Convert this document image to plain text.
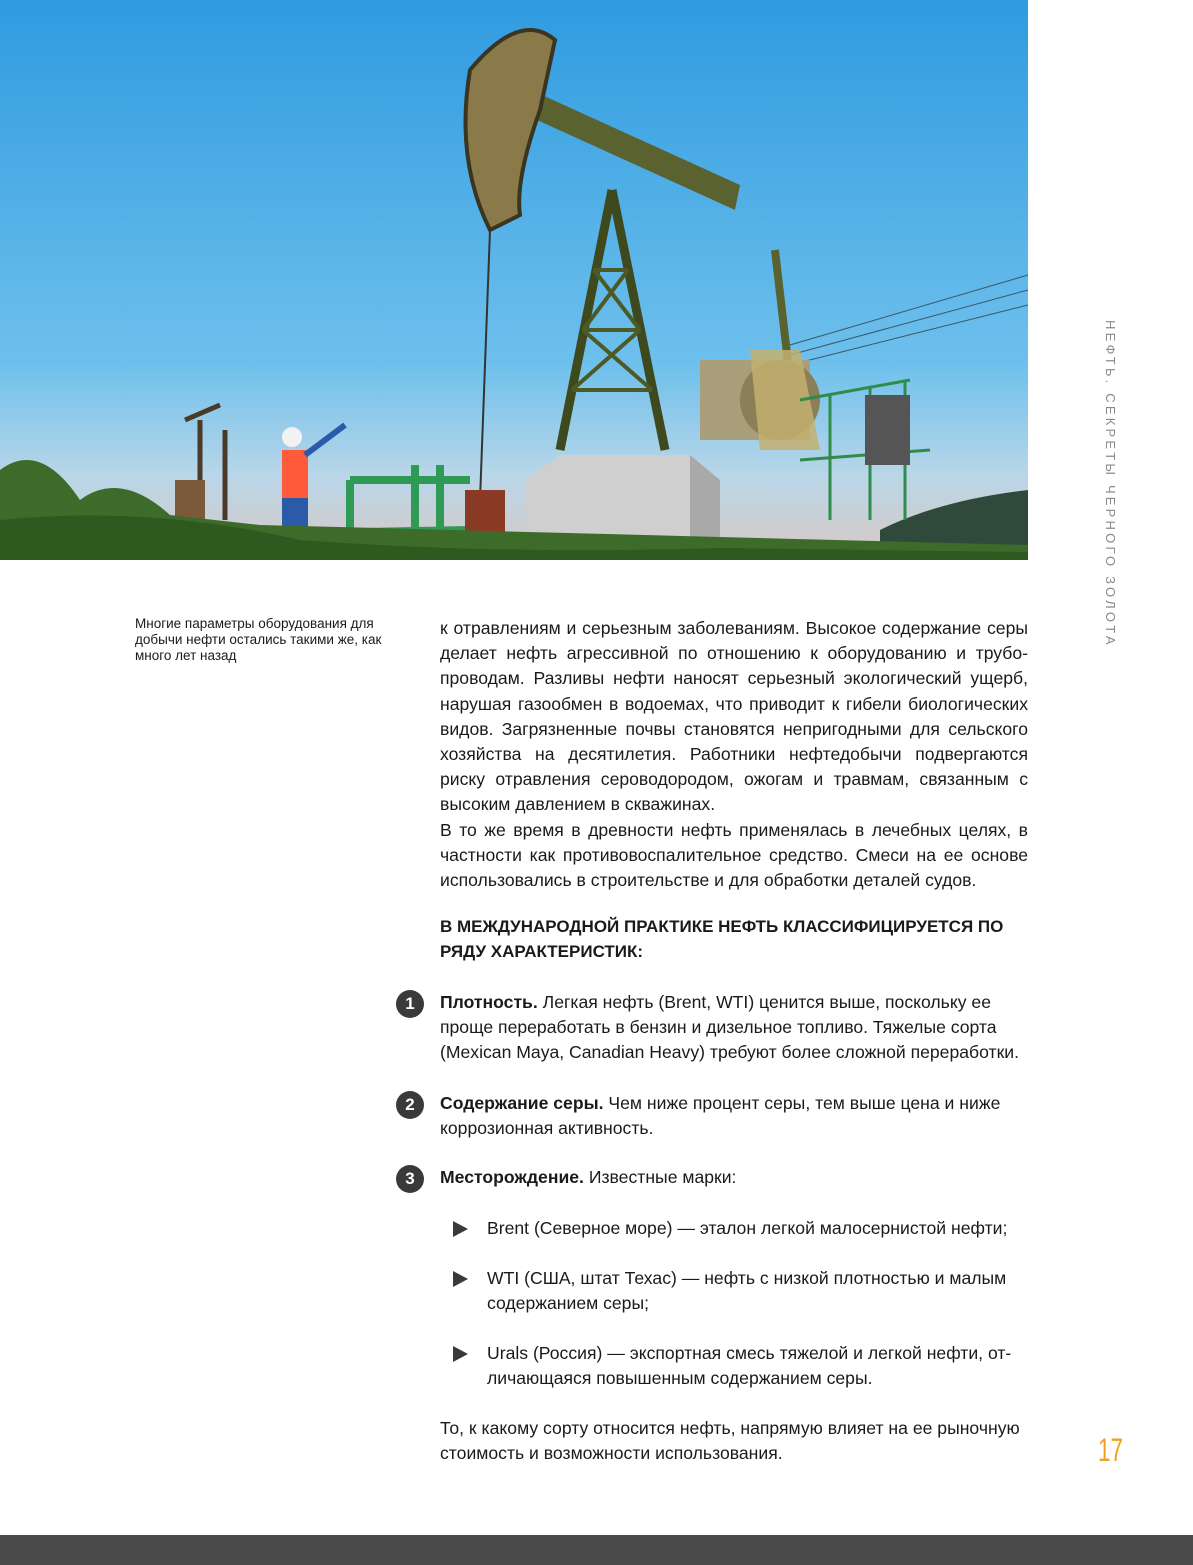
НЕФТЬ. СЕКРЕТЫ ЧЕРНОГО ЗОЛОТА
Многие параметры оборудования для добычи нефти остались такими же, как много лет назад

к отравлениям и серьезным заболеваниям. Высокое содержание серы делает нефть агрессивной по отношению к оборудованию и трубопроводам. Разливы нефти наносят серьезный экологический ущерб, нарушая газообмен в водоемах, что приводит к гибели биологических видов. Загрязненные почвы становятся непригодными для сельского хозяйства на десятилетия. Работники нефтедобычи подвергаются риску отравления сероводородом, ожогам и травмам, связанным с высоким давлением в скважинах.

В то же время в древности нефть применялась в лечебных целях, в частности как противовоспалительное средство. Смеси на ее основе использовались в строительстве и для обработки деталей судов.

В МЕЖДУНАРОДНОЙ ПРАКТИКЕ НЕФТЬ КЛАССИФИЦИРУЕТСЯ ПО РЯДУ ХАРАКТЕРИСТИК:
1	Плотность. Легкая нефть (Brent, WTI) ценится выше, поскольку ее проще переработать в бензин и дизельное топливо. Тяжелые сорта (Mexican Maya, Canadian Heavy) требуют более сложной переработки.
2	Содержание серы. Чем ниже процент серы, тем выше цена и ниже коррозионная активность.
3	Месторождение. Известные марки:
Brent (Северное море) — эталон легкой малосернистой нефти;
WTI (США, штат Техас) — нефть с низкой плотностью и малым содержанием серы;
Urals (Россия) — экспортная смесь тяжелой и легкой нефти, отличающаяся повышенным содержанием серы.
То, к какому сорту относится нефть, напрямую влияет на ее рыночную стоимость и возможности использования.	17
